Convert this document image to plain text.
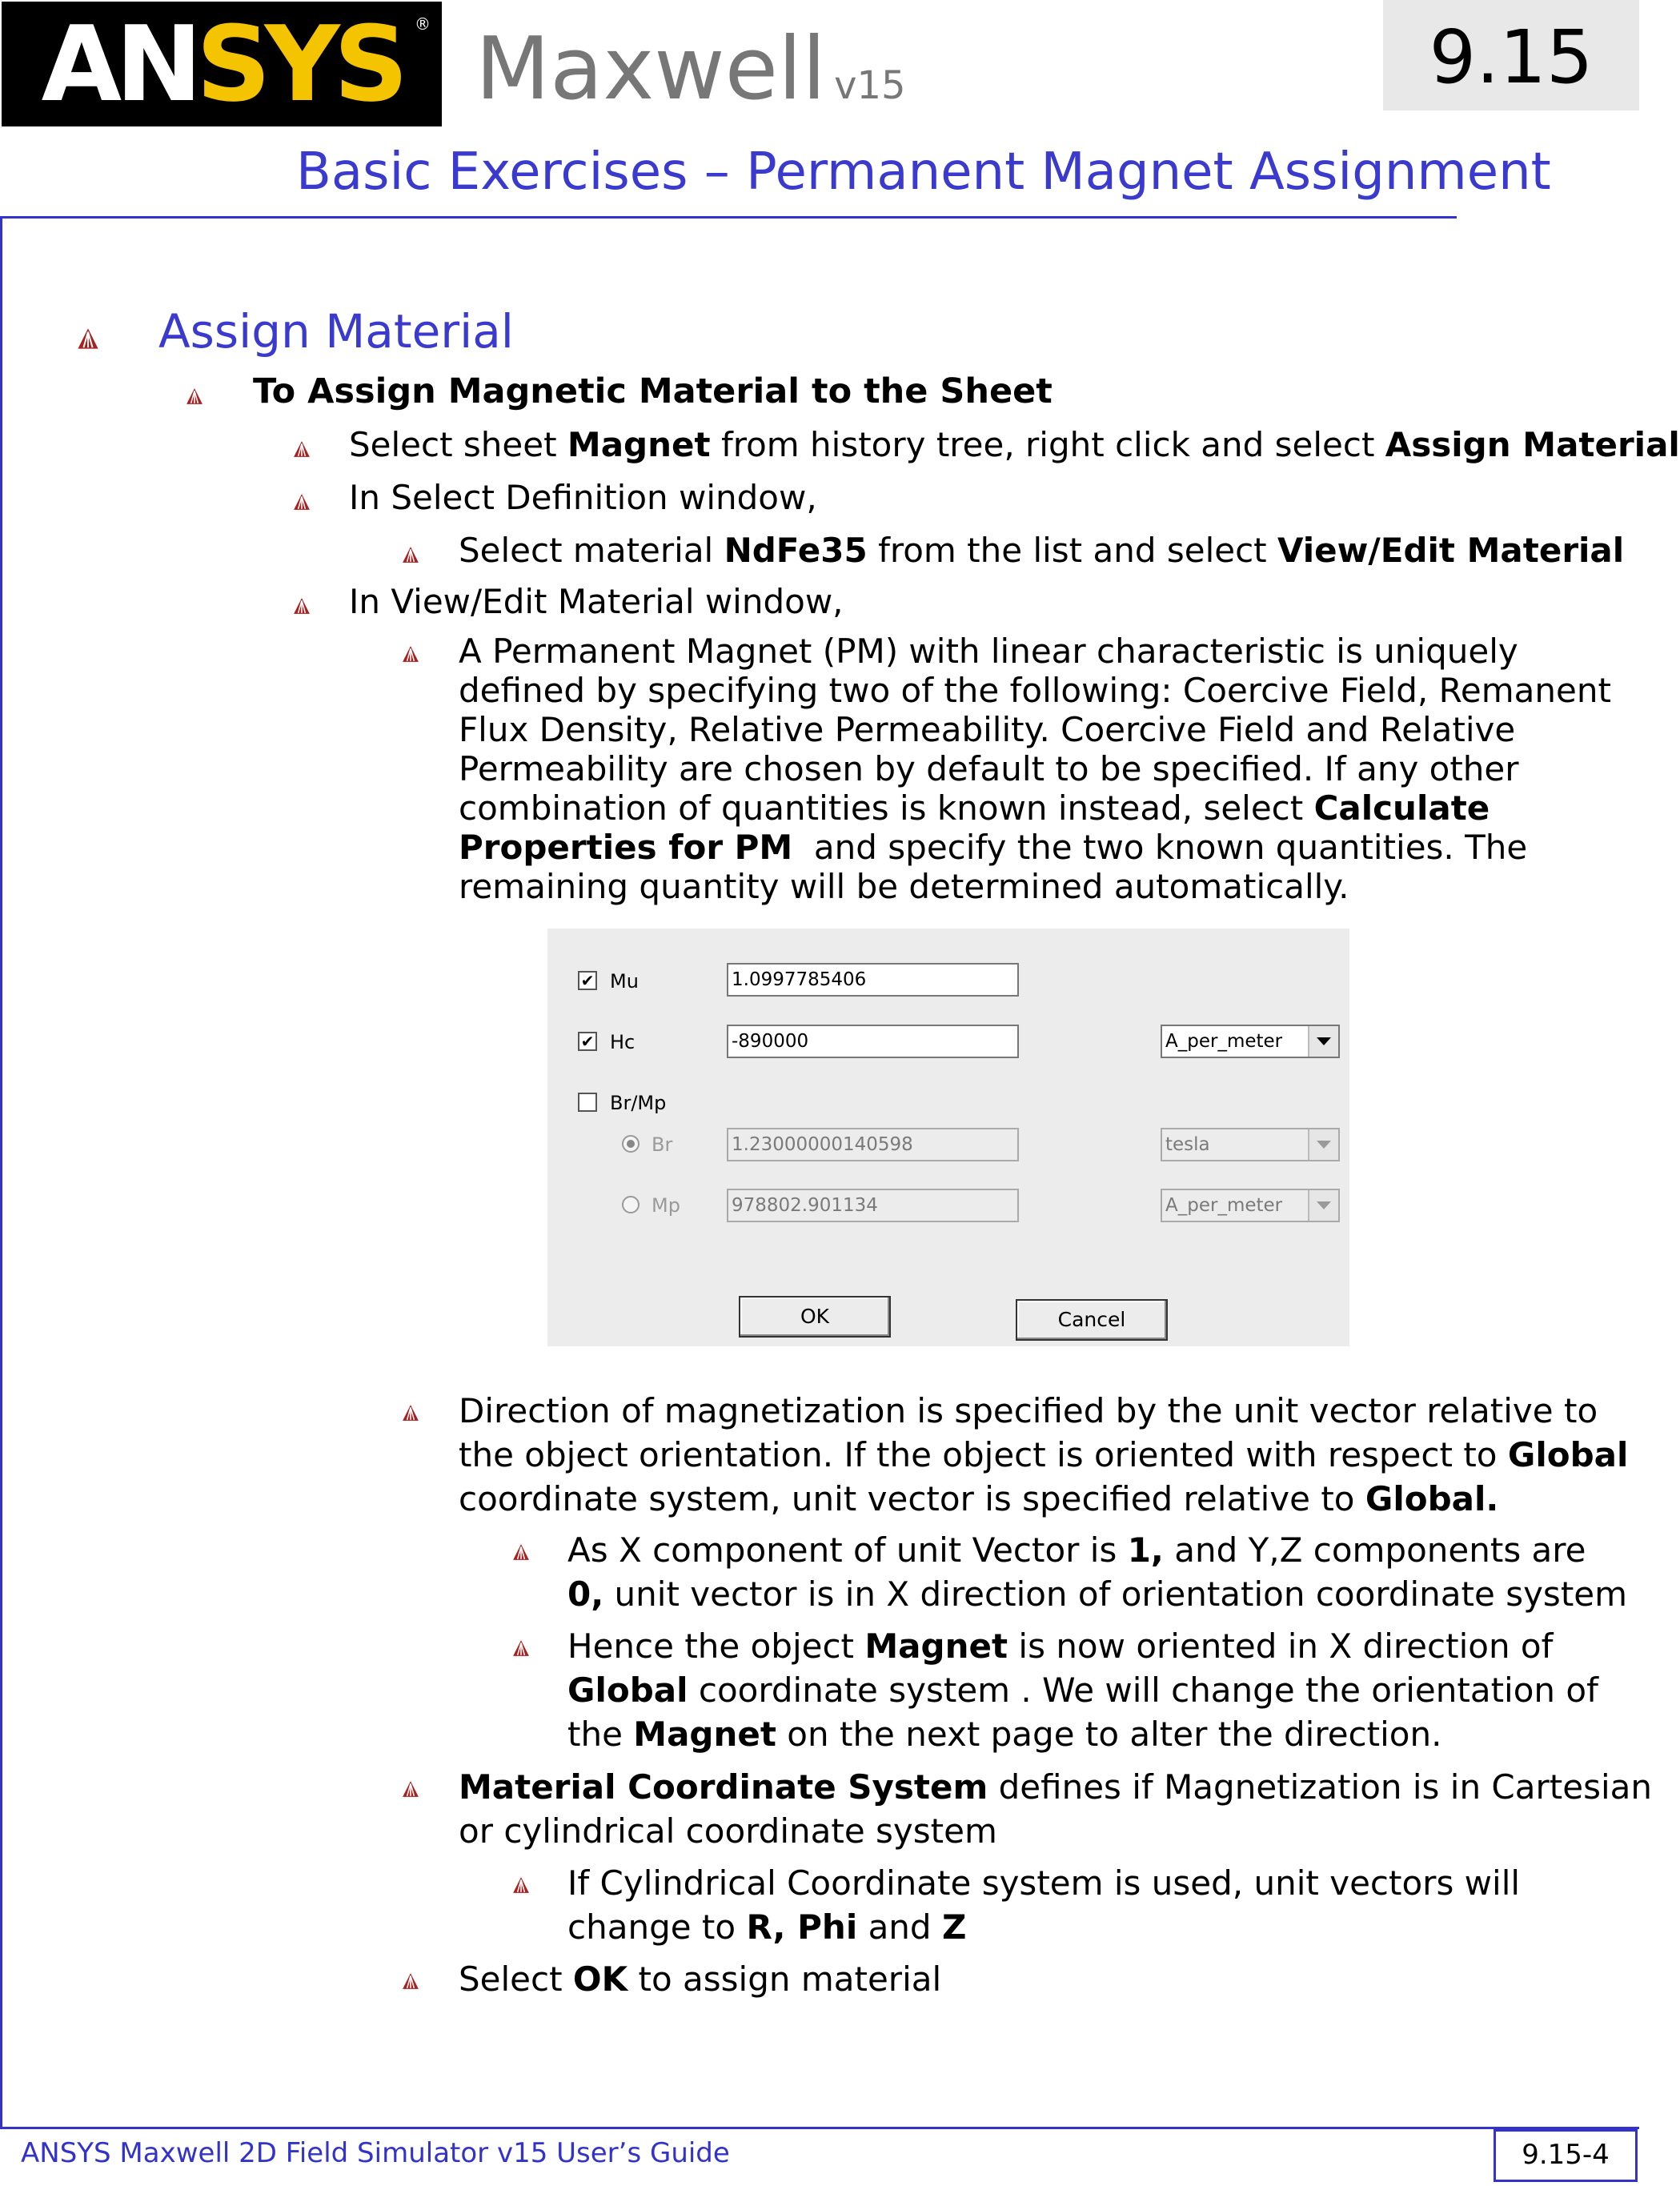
ANSYS ® Maxwell v15	9.15
Basic Exercises – Permanent Magnet Assignment
Assign Material
To Assign Magnetic Material to the Sheet
Select sheet Magnet from history tree, right click and select Assign Material
In Select Definition window,
Select material NdFe35 from the list and select View/Edit Material
In View/Edit Material window,
A Permanent Magnet (PM) with linear characteristic is uniquely
defined by specifying two of the following: Coercive Field, Remanent
Flux Density, Relative Permeability. Coercive Field and Relative
Permeability are chosen by default to be specified. If any other
combination of quantities is known instead, select Calculate
Properties for PM  and specify the two known quantities. The
remaining quantity will be determined automatically.
✔ Mu	1.0997785406
✔ Hc	-890000	A_per_meter
Br/Mp
Br	1.23000000140598	tesla
Mp	978802.901134	A_per_meter
OK	Cancel
Direction of magnetization is specified by the unit vector relative to
the object orientation. If the object is oriented with respect to Global
coordinate system, unit vector is specified relative to Global.
As X component of unit Vector is 1, and Y,Z components are
0, unit vector is in X direction of orientation coordinate system
Hence the object Magnet is now oriented in X direction of
Global coordinate system . We will change the orientation of
the Magnet on the next page to alter the direction.
Material Coordinate System defines if Magnetization is in Cartesian
or cylindrical coordinate system
If Cylindrical Coordinate system is used, unit vectors will
change to R, Phi and Z
Select OK to assign material
ANSYS Maxwell 2D Field Simulator v15 User’s Guide	9.15-4
